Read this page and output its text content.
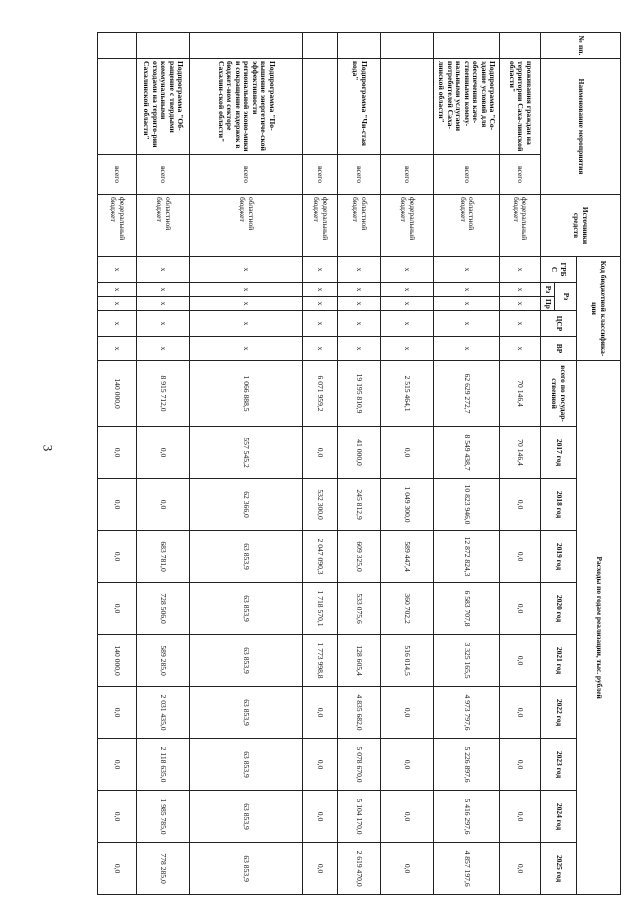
3
№ пп.	Наименование мероприятия		Источники средств	Код бюджетной классифика-ции					Расходы по годам реализации, тыс. рублей									
				ГРБ С	Рз		ЦСР	ВР	всего по государ-ственной	2017 год	2018 год	2019 год	2020 год	2021 год	2022 год	2023 год	2024 год	2025 год
					Рз	Пр												
	проживания граждан на территории Саха-линской области"	всего	федеральный бюджет	x	x	x	x	x	70 146,4	70 146,4	0,0	0,0	0,0	0,0	0,0	0,0	0,0	0,0
	Подпрограмма "Со-здание условий для обеспечения каче-ственными комму-нальными услугами потребителей Саха-линской области"	всего	областной бюджет	x	x	x	x	x	62 629 272,7	8 549 438,7	10 823 946,0	12 872 824,3	6 583 707,8	3 325 165,5	4 973 797,6	5 226 897,6	5 416 297,6	4 857 197,6
		всего	федеральный бюджет	x	x	x	x	x	2 515 464,1	0,0	1 049 300,0	589 447,4	360 702,2	516 014,5	0,0	0,0	0,0	0,0
	Подпрограмма "Чи-стая вода"	всего	областной бюджет	x	x	x	x	x	19 195 810,9	41 000,0	245 812,9	609 325,0	533 075,6	128 605,4	4 835 682,0	5 078 670,0	5 104 170,0	2 619 470,0
		всего	федеральный бюджет	x	x	x	x	x	6 071 959,2	0,0	532 300,0	2 047 090,3	1 718 570,1	1 773 998,8	0,0	0,0	0,0	0,0
	Подпрограмма "По-вышение энергетиче-ской эффективности региональной эконо-мики и сокращение издержек в бюджет-ном секторе Сахалин-ской области"	всего	областной бюджет	x	x	x	x	x	1 066 888,5	557 545,2	62 366,0	63 853,9	63 853,9	63 853,9	63 853,9	63 853,9	63 853,9	63 853,9
	Подпрограмма "Об-ращение с твердыми коммунальными отходами на террито-рии Сахалинской области"	всего	областной бюджет	x	x	x	x	x	8 915 712,0	0,0	0,0	683 781,0	728 506,0	589 285,0	2 031 435,0	2 118 635,0	1 985 785,0	778 285,0
		всего	федеральный бюджет	x	x	x	x	x	140 000,0	0,0	0,0	0,0	0,0	140 000,0	0,0	0,0	0,0	0,0
